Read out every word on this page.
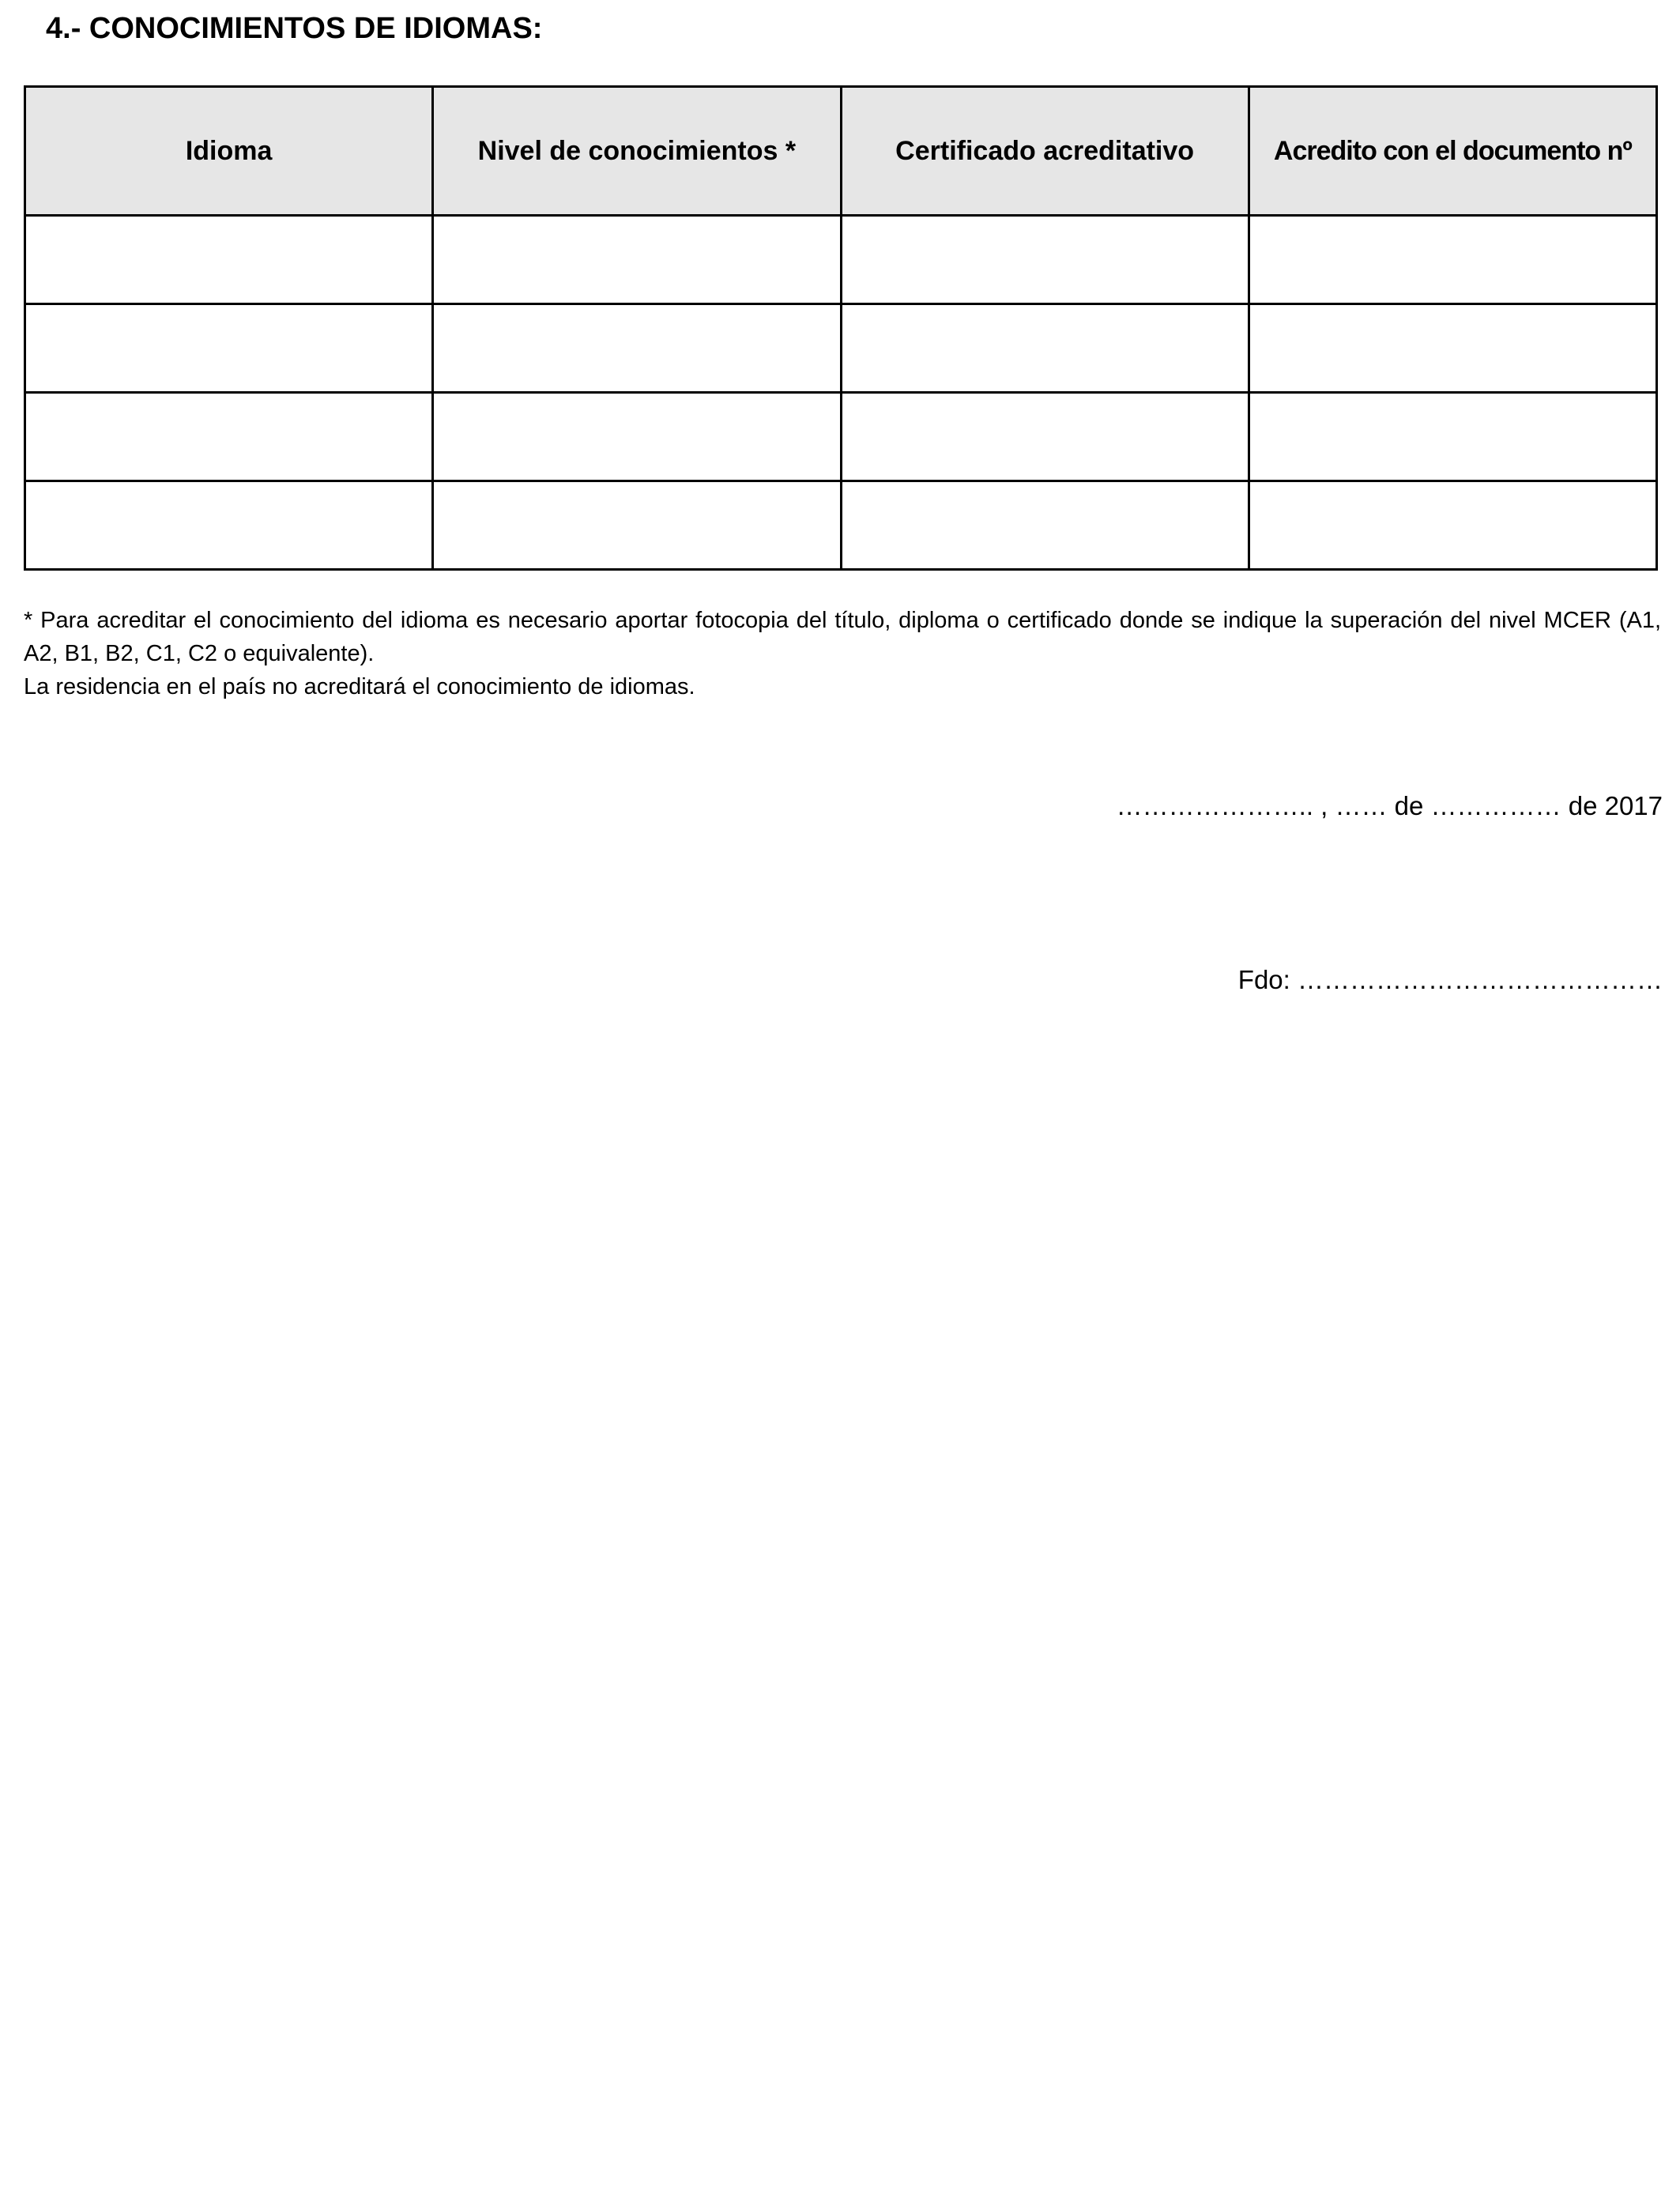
4.- CONOCIMIENTOS DE IDIOMAS:
Idioma	Nivel de conocimientos *	Certificado acreditativo	Acredito con el documento nº

* Para acreditar el conocimiento del idioma es necesario aportar fotocopia del título, diploma o certificado donde se indique la superación del nivel MCER (A1, A2, B1, B2, C1, C2 o equivalente).
La residencia en el país no acreditará el conocimiento de idiomas.

………………….. , …… de …………… de 2017

Fdo: ……………………………………
